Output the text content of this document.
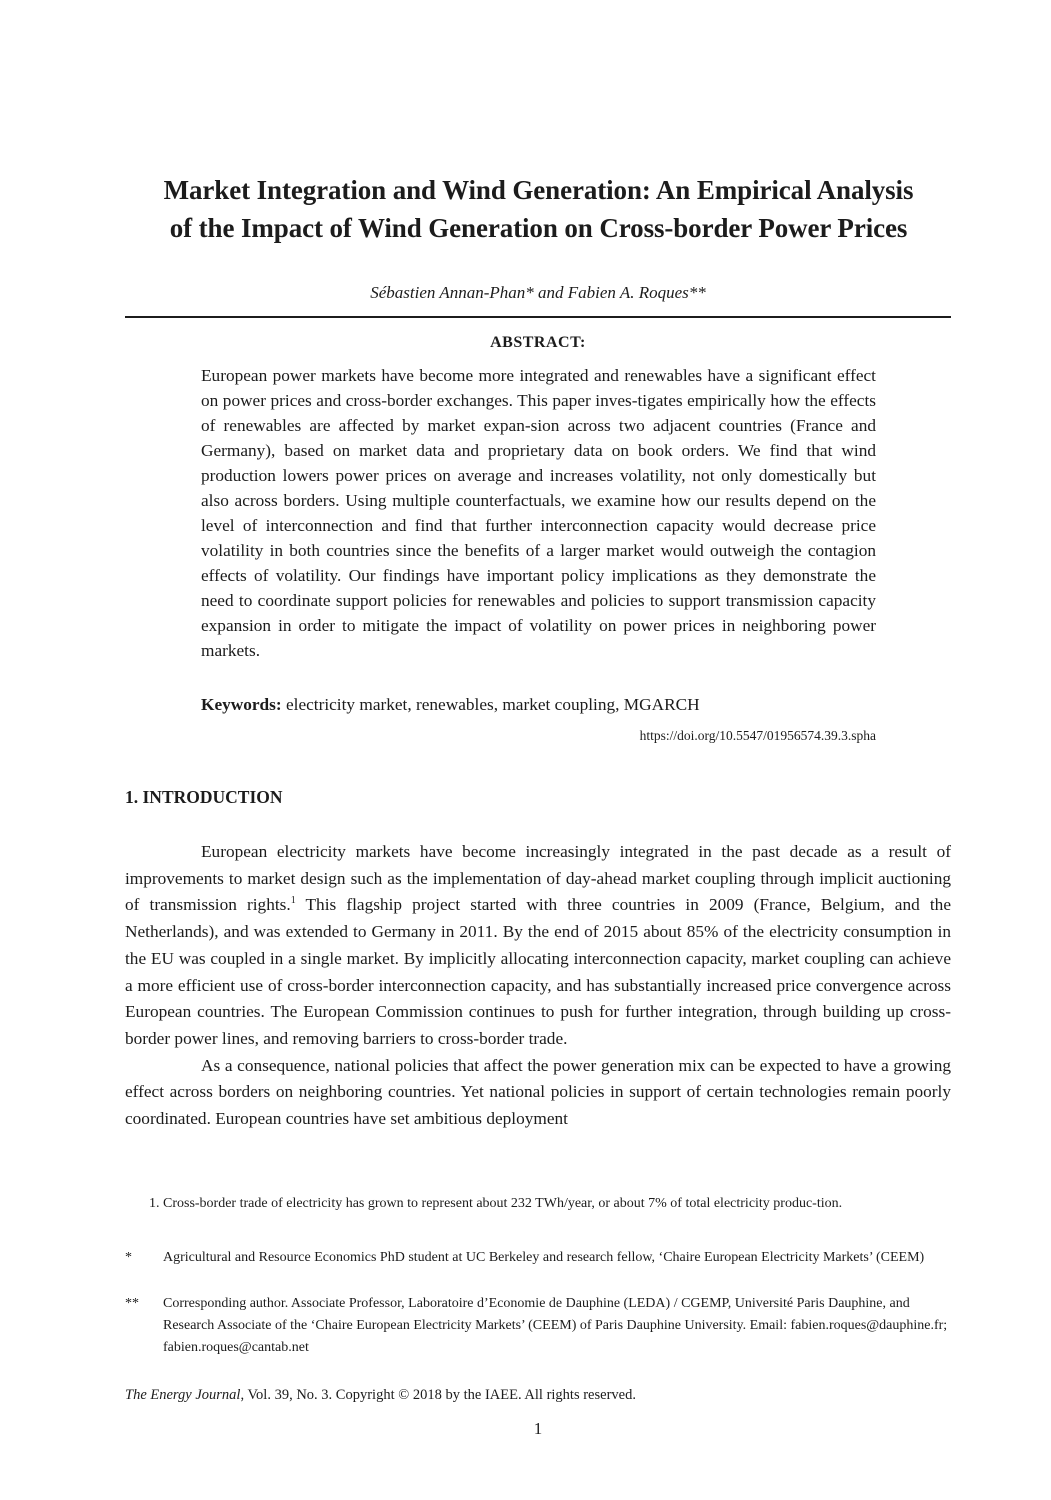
Market Integration and Wind Generation: An Empirical Analysis
of the Impact of Wind Generation on Cross-border Power Prices
Sébastien Annan-Phan* and Fabien A. Roques**
ABSTRACT:
European power markets have become more integrated and renewables have a significant effect on power prices and cross-border exchanges. This paper inves-tigates empirically how the effects of renewables are affected by market expan-sion across two adjacent countries (France and Germany), based on market data and proprietary data on book orders. We find that wind production lowers power prices on average and increases volatility, not only domestically but also across borders. Using multiple counterfactuals, we examine how our results depend on the level of interconnection and find that further interconnection capacity would decrease price volatility in both countries since the benefits of a larger market would outweigh the contagion effects of volatility. Our findings have important policy implications as they demonstrate the need to coordinate support policies for renewables and policies to support transmission capacity expansion in order to mitigate the impact of volatility on power prices in neighboring power markets.
Keywords: electricity market, renewables, market coupling, MGARCH
https://doi.org/10.5547/01956574.39.3.spha
1. INTRODUCTION

European electricity markets have become increasingly integrated in the past decade as a result of improvements to market design such as the implementation of day-ahead market coupling through implicit auctioning of transmission rights.$^1$ This flagship project started with three countries in 2009 (France, Belgium, and the Netherlands), and was extended to Germany in 2011. By the end of 2015 about 85% of the electricity consumption in the EU was coupled in a single market. By implicitly allocating interconnection capacity, market coupling can achieve a more efficient use of cross-border interconnection capacity, and has substantially increased price convergence across European countries. The European Commission continues to push for further integration, through building up cross-border power lines, and removing barriers to cross-border trade.

As a consequence, national policies that affect the power generation mix can be expected to have a growing effect across borders on neighboring countries. Yet national policies in support of certain technologies remain poorly coordinated. European countries have set ambitious deployment

1. Cross-border trade of electricity has grown to represent about 232 TWh/year, or about 7% of total electricity produc-tion.
* Agricultural and Resource Economics PhD student at UC Berkeley and research fellow, ‘Chaire European Electricity Markets’ (CEEM)
** Corresponding author. Associate Professor, Laboratoire d’Economie de Dauphine (LEDA) / CGEMP, Université Paris Dauphine, and Research Associate of the ‘Chaire European Electricity Markets’ (CEEM) of Paris Dauphine University. Email: fabien.roques@dauphine.fr; fabien.roques@cantab.net
The Energy Journal, Vol. 39, No. 3. Copyright © 2018 by the IAEE. All rights reserved.
1
